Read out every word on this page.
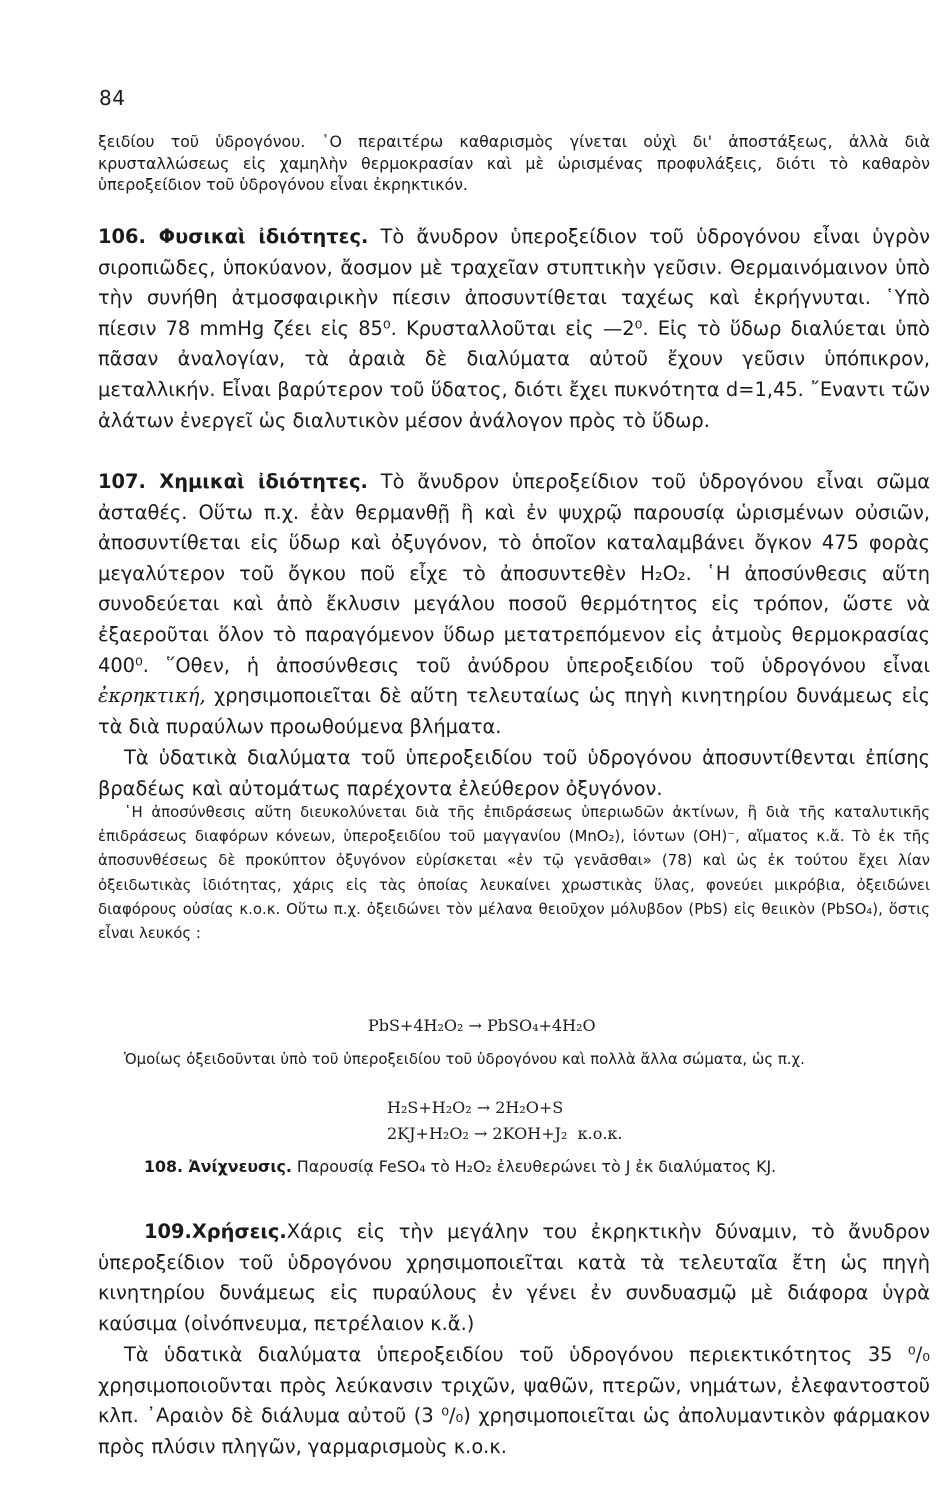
84

ξειδίου τοῦ ὑδρογόνου. ῾Ο περαιτέρω καθαρισμὸς γίνεται οὐχὶ δι' ἀποστάξεως, ἀλλὰ διὰ κρυσταλλώσεως εἰς χαμηλὴν θερμοκρασίαν καὶ μὲ ὡρισμένας προφυλάξεις, διότι τὸ καθαρὸν ὑπεροξείδιον τοῦ ὑδρογόνου εἶναι ἐκρηκτικόν.

106. Φυσικαὶ ἰδιότητες. Τὸ ἄνυδρον ὑπεροξείδιον τοῦ ὑδρογόνου εἶναι ὑγρὸν σιροπιῶδες, ὑποκύανον, ἄοσμον μὲ τραχεῖαν στυπτικὴν γεῦσιν. Θερμαινόμαινον ὑπὸ τὴν συνήθη ἀτμοσφαιρικὴν πίεσιν ἀποσυντίθεται ταχέως καὶ ἐκρήγνυται. ῾Υπὸ πίεσιν 78 mmHg ζέει εἰς 85⁰. Κρυσταλλοῦται εἰς —2⁰. Εἰς τὸ ὕδωρ διαλύεται ὑπὸ πᾶσαν ἀναλογίαν, τὰ ἀραιὰ δὲ διαλύματα αὐτοῦ ἔχουν γεῦσιν ὑπόπικρον, μεταλλικήν. Εἶναι βαρύτερον τοῦ ὕδατος, διότι ἔχει πυκνότητα d=1,45. ῎Εναντι τῶν ἀλάτων ἐνεργεῖ ὡς διαλυτικὸν μέσον ἀνάλογον πρὸς τὸ ὕδωρ.

107. Χημικαὶ ἰδιότητες. Τὸ ἄνυδρον ὑπεροξείδιον τοῦ ὑδρογόνου εἶναι σῶμα ἀσταθές. Οὕτω π.χ. ἐὰν θερμανθῇ ἢ καὶ ἐν ψυχρῷ παρουσίᾳ ὡρισμένων οὐσιῶν, ἀποσυντίθεται εἰς ὕδωρ καὶ ὀξυγόνον, τὸ ὁποῖον καταλαμβάνει ὄγκον 475 φορὰς μεγαλύτερον τοῦ ὄγκου ποῦ εἶχε τὸ ἀποσυντεθὲν H₂O₂. ῾Η ἀποσύνθεσις αὕτη συνοδεύεται καὶ ἀπὸ ἔκλυσιν μεγάλου ποσοῦ θερμότητος εἰς τρόπον, ὥστε νὰ ἐξαεροῦται ὅλον τὸ παραγόμενον ὕδωρ μετατρεπόμενον εἰς ἀτμοὺς θερμοκρασίας 400⁰. ῞Οθεν, ἡ ἀποσύνθεσις τοῦ ἀνύδρου ὑπεροξειδίου τοῦ ὑδρογόνου εἶναι ἐκρηκτική, χρησιμοποιεῖται δὲ αὕτη τελευταίως ὡς πηγὴ κινητηρίου δυνάμεως εἰς τὰ διὰ πυραύλων προωθούμενα βλήματα.

Τὰ ὑδατικὰ διαλύματα τοῦ ὑπεροξειδίου τοῦ ὑδρογόνου ἀποσυντίθενται ἐπίσης βραδέως καὶ αὐτομάτως παρέχοντα ἐλεύθερον ὀξυγόνον.

῾Η ἀποσύνθεσις αὕτη διευκολύνεται διὰ τῆς ἐπιδράσεως ὑπεριωδῶν ἀκτίνων, ἢ διὰ τῆς καταλυτικῆς ἐπιδράσεως διαφόρων κόνεων, ὑπεροξειδίου τοῦ μαγγανίου (MnO₂), ἰόντων (OH)⁻, αἵματος κ.ἄ. Τὸ ἐκ τῆς ἀποσυνθέσεως δὲ προκύπτον ὀξυγόνον εὑρίσκεται «ἐν τῷ γενᾶσθαι» (78) καὶ ὡς ἐκ τούτου ἔχει λίαν ὀξειδωτικὰς ἰδιότητας, χάρις εἰς τὰς ὁποίας λευκαίνει χρωστικὰς ὕλας, φονεύει μικρόβια, ὀξειδώνει διαφόρους οὐσίας κ.ο.κ. Οὕτω π.χ. ὀξειδώνει τὸν μέλανα θειοῦχον μόλυβδον (PbS) εἰς θειικὸν (PbSO₄), ὅστις εἶναι λευκός :

PbS+4H₂O₂ → PbSO₄+4H₂O

Ὁμοίως ὀξειδοῦνται ὑπὸ τοῦ ὑπεροξειδίου τοῦ ὑδρογόνου καὶ πολλὰ ἄλλα σώματα, ὡς π.χ.

H₂S+H₂O₂ → 2H₂O+S
2KJ+H₂O₂ → 2KOH+J₂  κ.ο.κ.

108. Ἀνίχνευσις. Παρουσίᾳ FeSO₄ τὸ H₂O₂ ἐλευθερώνει τὸ J ἐκ διαλύματος KJ.

109.Χρήσεις.Χάρις εἰς τὴν μεγάλην του ἐκρηκτικὴν δύναμιν, τὸ ἄνυδρον ὑπεροξείδιον τοῦ ὑδρογόνου χρησιμοποιεῖται κατὰ τὰ τελευταῖα ἔτη ὡς πηγὴ κινητηρίου δυνάμεως εἰς πυραύλους ἐν γένει ἐν συνδυασμῷ μὲ διάφορα ὑγρὰ καύσιμα (οἰνόπνευμα, πετρέλαιον κ.ἄ.)

Τὰ ὑδατικὰ διαλύματα ὑπεροξειδίου τοῦ ὑδρογόνου περιεκτικότητος 35 ⁰/₀ χρησιμοποιοῦνται πρὸς λεύκανσιν τριχῶν, ψαθῶν, πτερῶν, νημάτων, ἐλεφαντοστοῦ κλπ. ᾿Αραιὸν δὲ διάλυμα αὐτοῦ (3 ⁰/₀) χρησιμοποιεῖται ὡς ἀπολυμαντικὸν φάρμακον πρὸς πλύσιν πληγῶν, γαρμαρισμοὺς κ.ο.κ.
